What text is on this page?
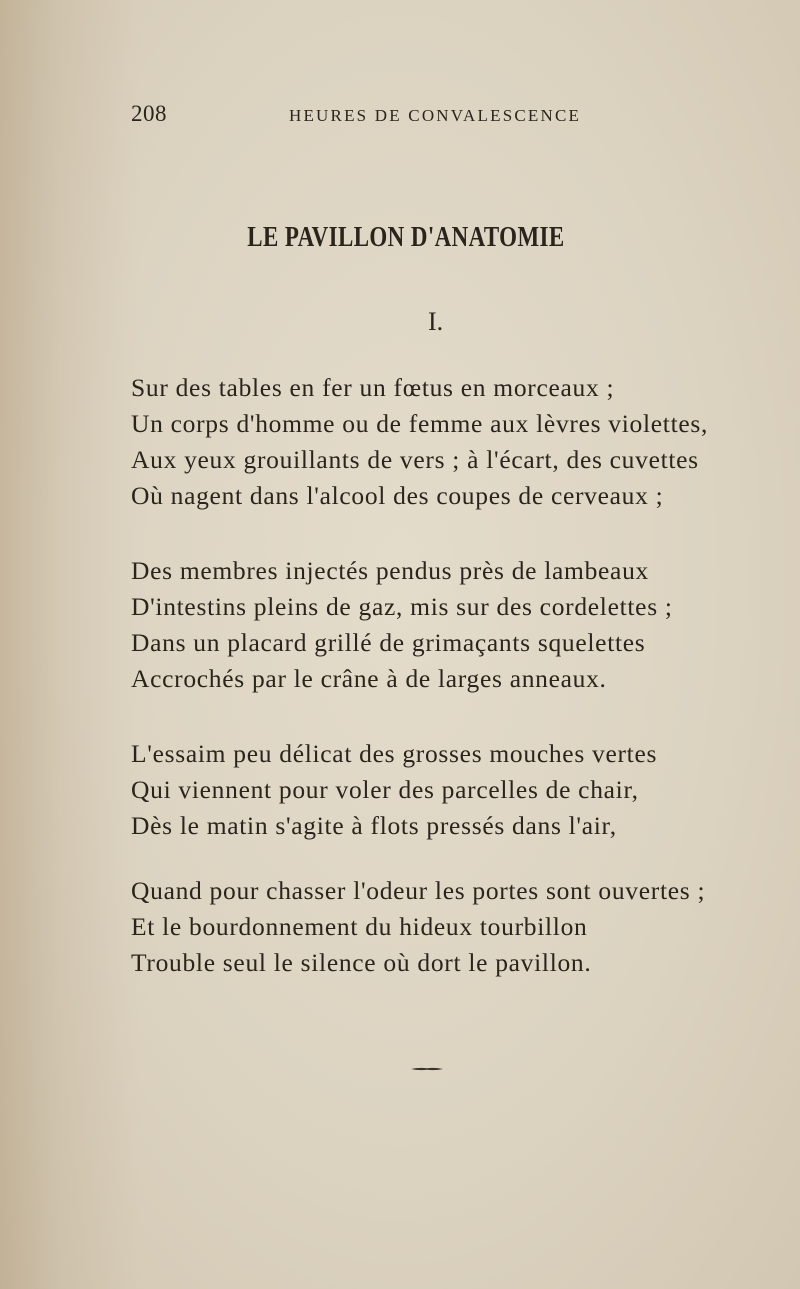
208	HEURES DE CONVALESCENCE
LE PAVILLON D'ANATOMIE
I.
Sur des tables en fer un fœtus en morceaux ;
Un corps d'homme ou de femme aux lèvres violettes,
Aux yeux grouillants de vers ; à l'écart, des cuvettes
Où nagent dans l'alcool des coupes de cerveaux ;
Des membres injectés pendus près de lambeaux
D'intestins pleins de gaz, mis sur des cordelettes ;
Dans un placard grillé de grimaçants squelettes
Accrochés par le crâne à de larges anneaux.
L'essaim peu délicat des grosses mouches vertes
Qui viennent pour voler des parcelles de chair,
Dès le matin s'agite à flots pressés dans l'air,
Quand pour chasser l'odeur les portes sont ouvertes ;
Et le bourdonnement du hideux tourbillon
Trouble seul le silence où dort le pavillon.
